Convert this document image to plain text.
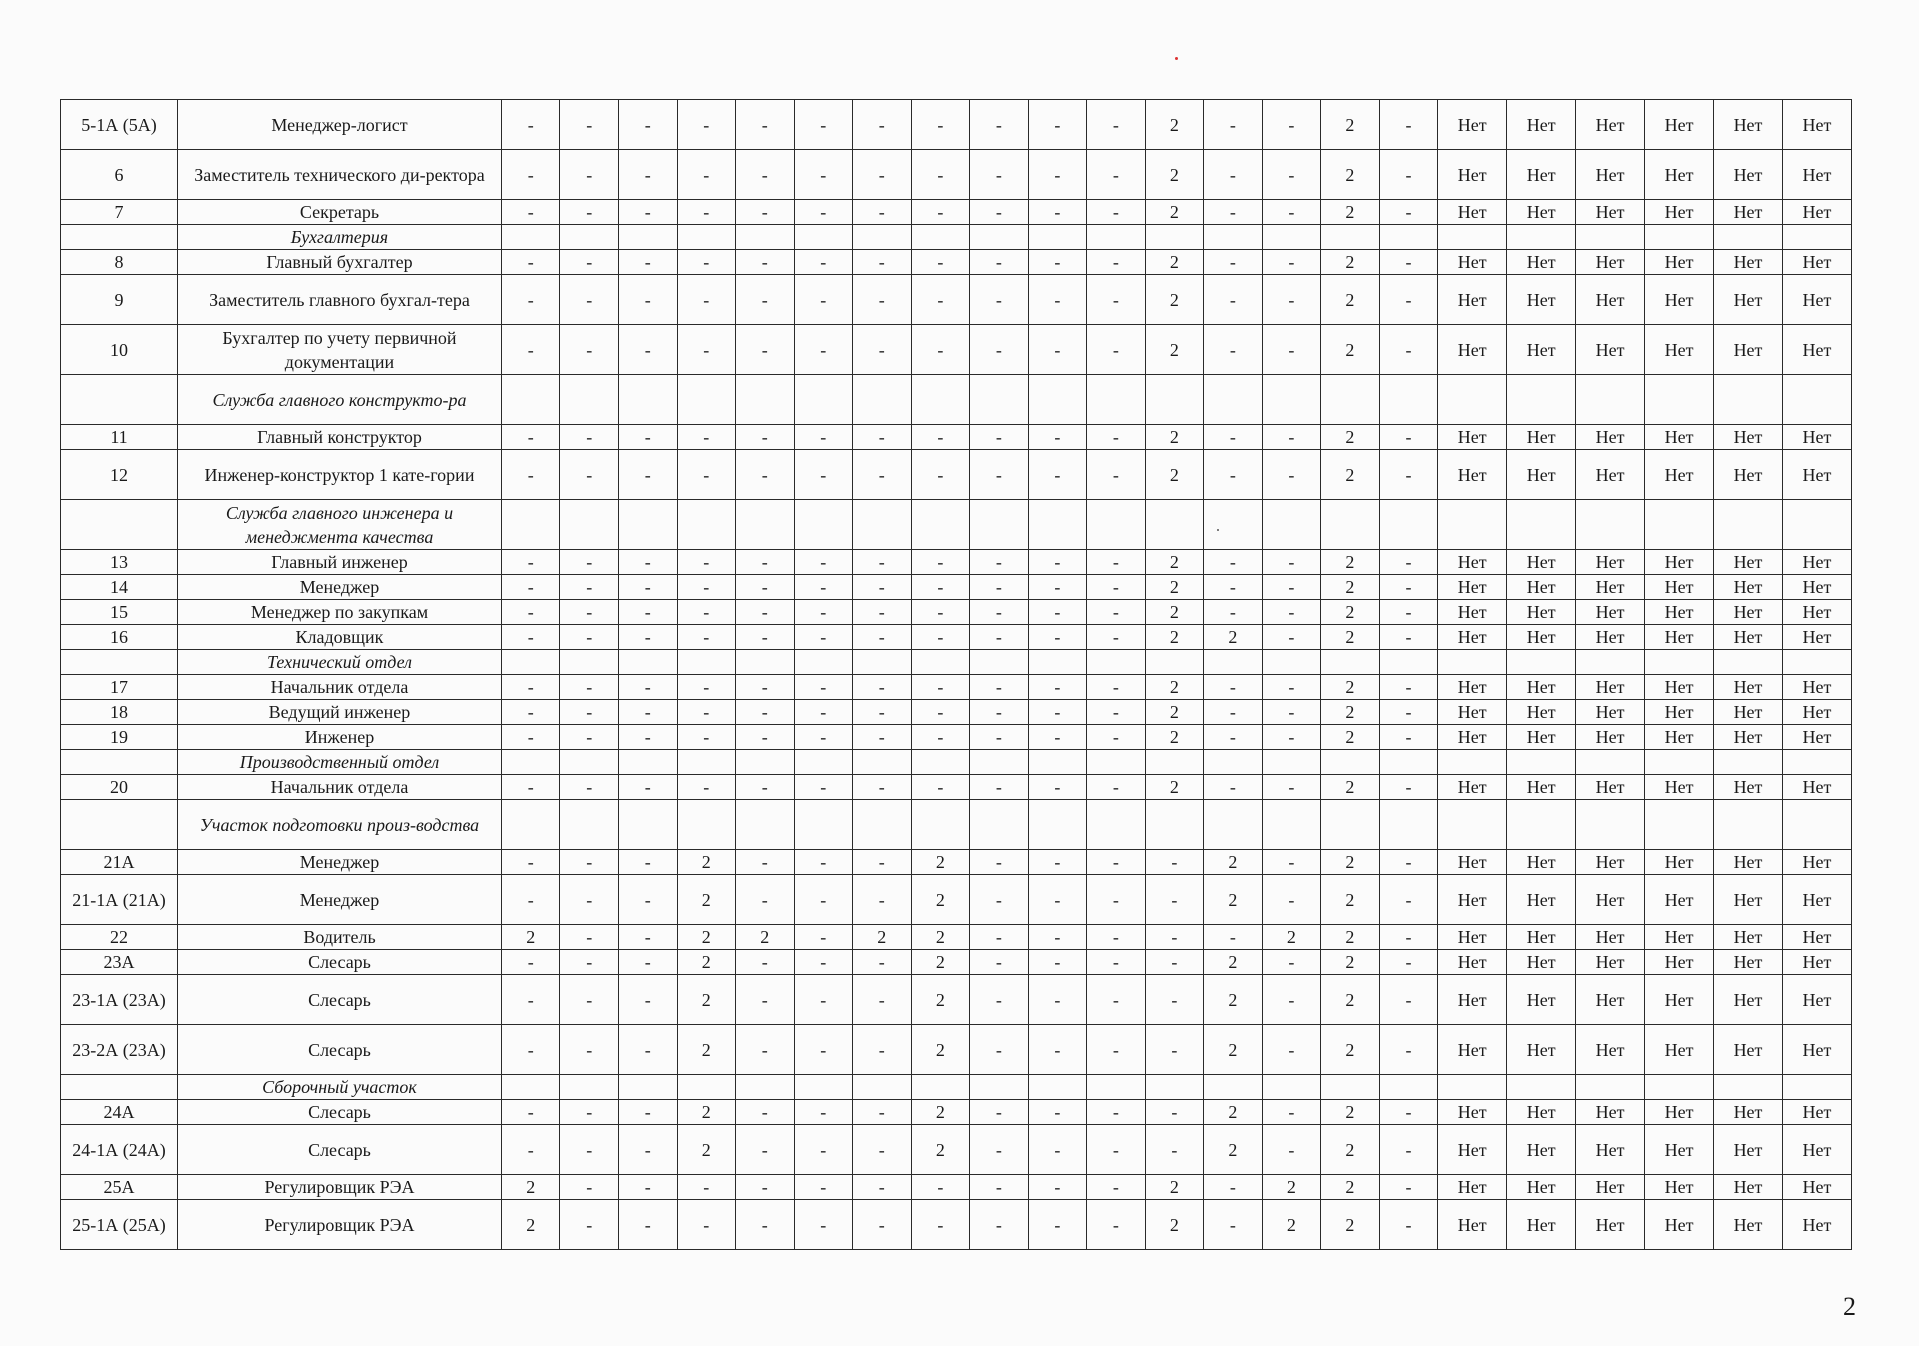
5-1А (5А)	Менеджер-логист	-	-	-	-	-	-	-	-	-	-	-	2	-	-	2	-	Нет	Нет	Нет	Нет	Нет	Нет
6	Заместитель технического ди-ректора	-	-	-	-	-	-	-	-	-	-	-	2	-	-	2	-	Нет	Нет	Нет	Нет	Нет	Нет
7	Секретарь	-	-	-	-	-	-	-	-	-	-	-	2	-	-	2	-	Нет	Нет	Нет	Нет	Нет	Нет
	Бухгалтерия																						
8	Главный бухгалтер	-	-	-	-	-	-	-	-	-	-	-	2	-	-	2	-	Нет	Нет	Нет	Нет	Нет	Нет
9	Заместитель главного бухгал-тера	-	-	-	-	-	-	-	-	-	-	-	2	-	-	2	-	Нет	Нет	Нет	Нет	Нет	Нет
10	Бухгалтер по учету первичной документации	-	-	-	-	-	-	-	-	-	-	-	2	-	-	2	-	Нет	Нет	Нет	Нет	Нет	Нет
	Служба главного конструкто-ра																						
11	Главный конструктор	-	-	-	-	-	-	-	-	-	-	-	2	-	-	2	-	Нет	Нет	Нет	Нет	Нет	Нет
12	Инженер-конструктор 1 кате-гории	-	-	-	-	-	-	-	-	-	-	-	2	-	-	2	-	Нет	Нет	Нет	Нет	Нет	Нет
	Служба главного инженера и менеджмента качества																						
13	Главный инженер	-	-	-	-	-	-	-	-	-	-	-	2	-	-	2	-	Нет	Нет	Нет	Нет	Нет	Нет
14	Менеджер	-	-	-	-	-	-	-	-	-	-	-	2	-	-	2	-	Нет	Нет	Нет	Нет	Нет	Нет
15	Менеджер по закупкам	-	-	-	-	-	-	-	-	-	-	-	2	-	-	2	-	Нет	Нет	Нет	Нет	Нет	Нет
16	Кладовщик	-	-	-	-	-	-	-	-	-	-	-	2	2	-	2	-	Нет	Нет	Нет	Нет	Нет	Нет
	Технический отдел																						
17	Начальник отдела	-	-	-	-	-	-	-	-	-	-	-	2	-	-	2	-	Нет	Нет	Нет	Нет	Нет	Нет
18	Ведущий инженер	-	-	-	-	-	-	-	-	-	-	-	2	-	-	2	-	Нет	Нет	Нет	Нет	Нет	Нет
19	Инженер	-	-	-	-	-	-	-	-	-	-	-	2	-	-	2	-	Нет	Нет	Нет	Нет	Нет	Нет
	Производственный отдел																						
20	Начальник отдела	-	-	-	-	-	-	-	-	-	-	-	2	-	-	2	-	Нет	Нет	Нет	Нет	Нет	Нет
	Участок подготовки произ-водства																						
21А	Менеджер	-	-	-	2	-	-	-	2	-	-	-	-	2	-	2	-	Нет	Нет	Нет	Нет	Нет	Нет
21-1А (21А)	Менеджер	-	-	-	2	-	-	-	2	-	-	-	-	2	-	2	-	Нет	Нет	Нет	Нет	Нет	Нет
22	Водитель	2	-	-	2	2	-	2	2	-	-	-	-	-	2	2	-	Нет	Нет	Нет	Нет	Нет	Нет
23А	Слесарь	-	-	-	2	-	-	-	2	-	-	-	-	2	-	2	-	Нет	Нет	Нет	Нет	Нет	Нет
23-1А (23А)	Слесарь	-	-	-	2	-	-	-	2	-	-	-	-	2	-	2	-	Нет	Нет	Нет	Нет	Нет	Нет
23-2А (23А)	Слесарь	-	-	-	2	-	-	-	2	-	-	-	-	2	-	2	-	Нет	Нет	Нет	Нет	Нет	Нет
	Сборочный участок																						
24А	Слесарь	-	-	-	2	-	-	-	2	-	-	-	-	2	-	2	-	Нет	Нет	Нет	Нет	Нет	Нет
24-1А (24А)	Слесарь	-	-	-	2	-	-	-	2	-	-	-	-	2	-	2	-	Нет	Нет	Нет	Нет	Нет	Нет
25А	Регулировщик РЭА	2	-	-	-	-	-	-	-	-	-	-	2	-	2	2	-	Нет	Нет	Нет	Нет	Нет	Нет
25-1А (25А)	Регулировщик РЭА	2	-	-	-	-	-	-	-	-	-	-	2	-	2	2	-	Нет	Нет	Нет	Нет	Нет	Нет
2
